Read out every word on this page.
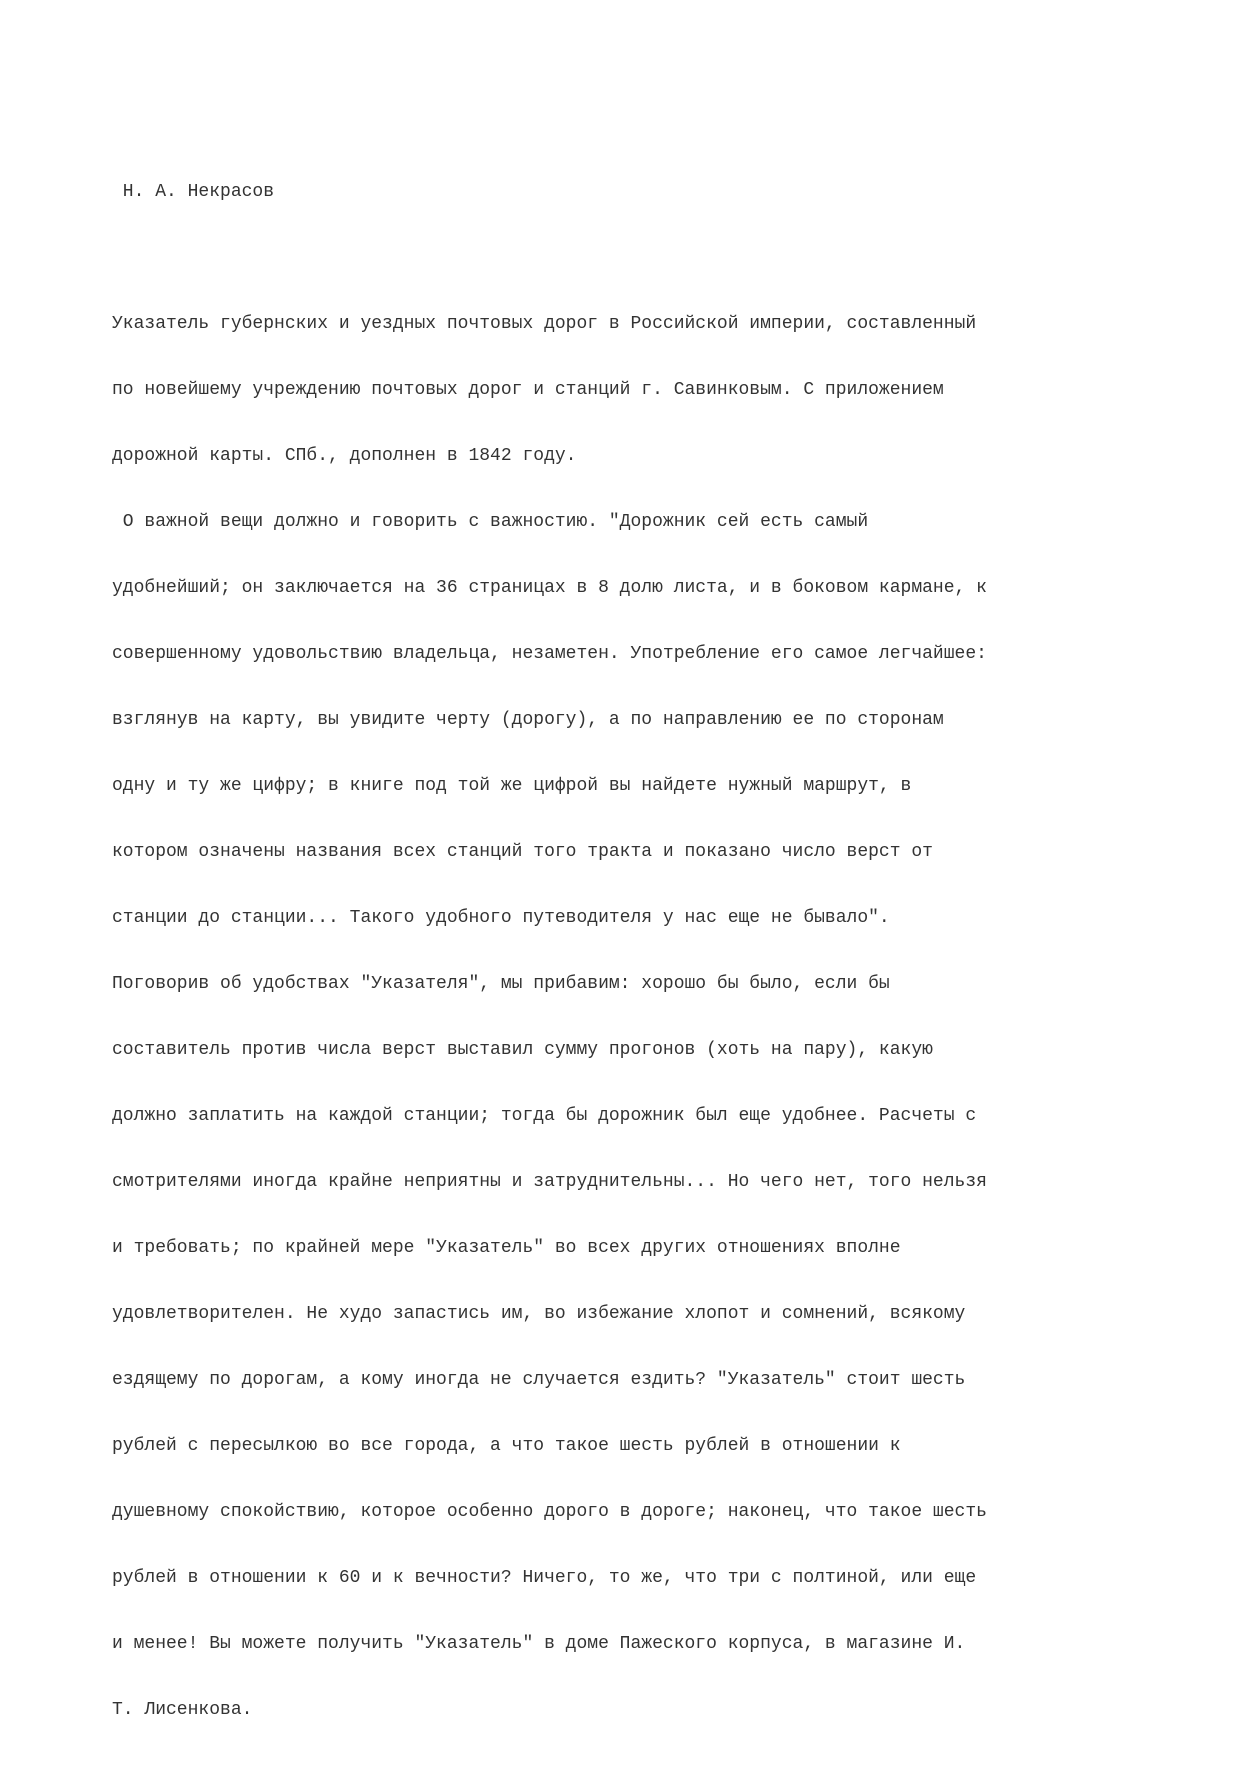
Н. А. Некрасов

Указатель губернских и уездных почтовых дорог в Российской империи, составленный

по новейшему учреждению почтовых дорог и станций г. Савинковым. С приложением

дорожной карты. СПб., дополнен в 1842 году.

О важной вещи должно и говорить с важностию. "Дорожник сей есть самый

удобнейший; он заключается на 36 страницах в 8 долю листа, и в боковом кармане, к

совершенному удовольствию владельца, незаметен. Употребление его самое легчайшее:

взглянув на карту, вы увидите черту (дорогу), а по направлению ее по сторонам

одну и ту же цифру; в книге под той же цифрой вы найдете нужный маршрут, в

котором означены названия всех станций того тракта и показано число верст от

станции до станции... Такого удобного путеводителя у нас еще не бывало".

Поговорив об удобствах "Указателя", мы прибавим: хорошо бы было, если бы

составитель против числа верст выставил сумму прогонов (хоть на пару), какую

должно заплатить на каждой станции; тогда бы дорожник был еще удобнее. Расчеты с

смотрителями иногда крайне неприятны и затруднительны... Но чего нет, того нельзя

и требовать; по крайней мере "Указатель" во всех других отношениях вполне

удовлетворителен. Не худо запастись им, во избежание хлопот и сомнений, всякому

ездящему по дорогам, а кому иногда не случается ездить? "Указатель" стоит шесть

рублей с пересылкою во все города, а что такое шесть рублей в отношении к

душевному спокойствию, которое особенно дорого в дороге; наконец, что такое шесть

рублей в отношении к 60 и к вечности? Ничего, то же, что три с полтиной, или еще

и менее! Вы можете получить "Указатель" в доме Пажеского корпуса, в магазине И.

Т. Лисенкова.
